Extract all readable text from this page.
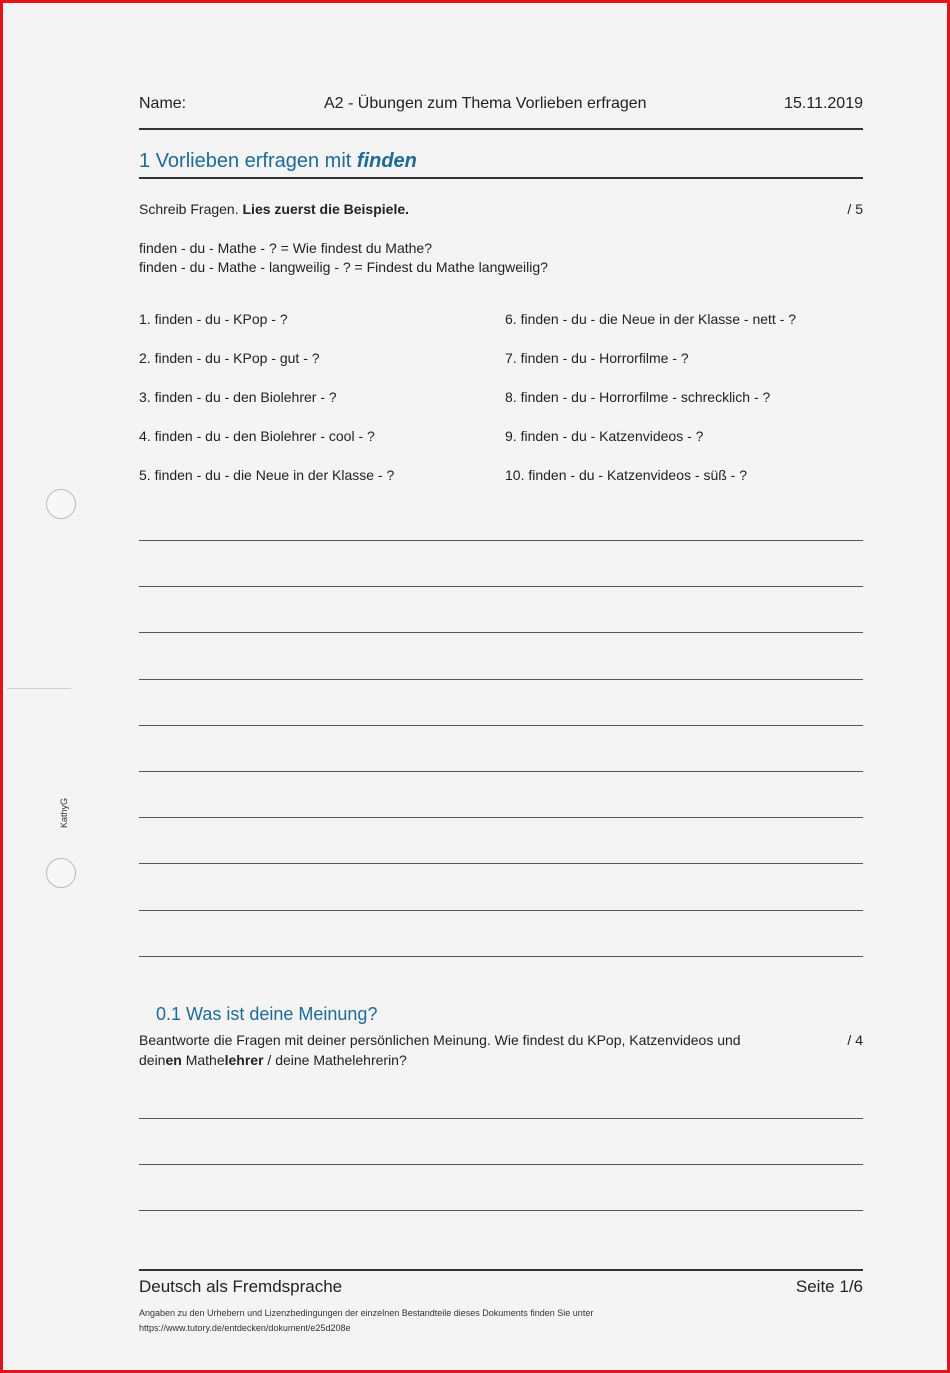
Name:	A2 - Übungen zum Thema Vorlieben erfragen	15.11.2019
1 Vorlieben erfragen mit finden
Schreib Fragen. Lies zuerst die Beispiele.	/ 5
finden - du - Mathe - ? = Wie findest du Mathe?
finden - du - Mathe - langweilig - ? = Findest du Mathe langweilig?
1. finden - du - KPop - ?
2. finden - du - KPop - gut - ?
3. finden - du - den Biolehrer - ?
4. finden - du - den Biolehrer - cool - ?
5. finden - du - die Neue in der Klasse - ?
6. finden - du - die Neue in der Klasse - nett - ?
7. finden - du - Horrorfilme - ?
8. finden - du - Horrorfilme - schrecklich - ?
9. finden - du - Katzenvideos - ?
10. finden - du - Katzenvideos - süß - ?
0.1 Was ist deine Meinung?
Beantworte die Fragen mit deiner persönlichen Meinung. Wie findest du KPop, Katzenvideos und
deinen Mathelehrer / deine Mathelehrerin?
/ 4
KathyG
Deutsch als Fremdsprache	Seite 1/6
Angaben zu den Urhebern und Lizenzbedingungen der einzelnen Bestandteile dieses Dokuments finden Sie unter
https://www.tutory.de/entdecken/dokument/e25d208e
